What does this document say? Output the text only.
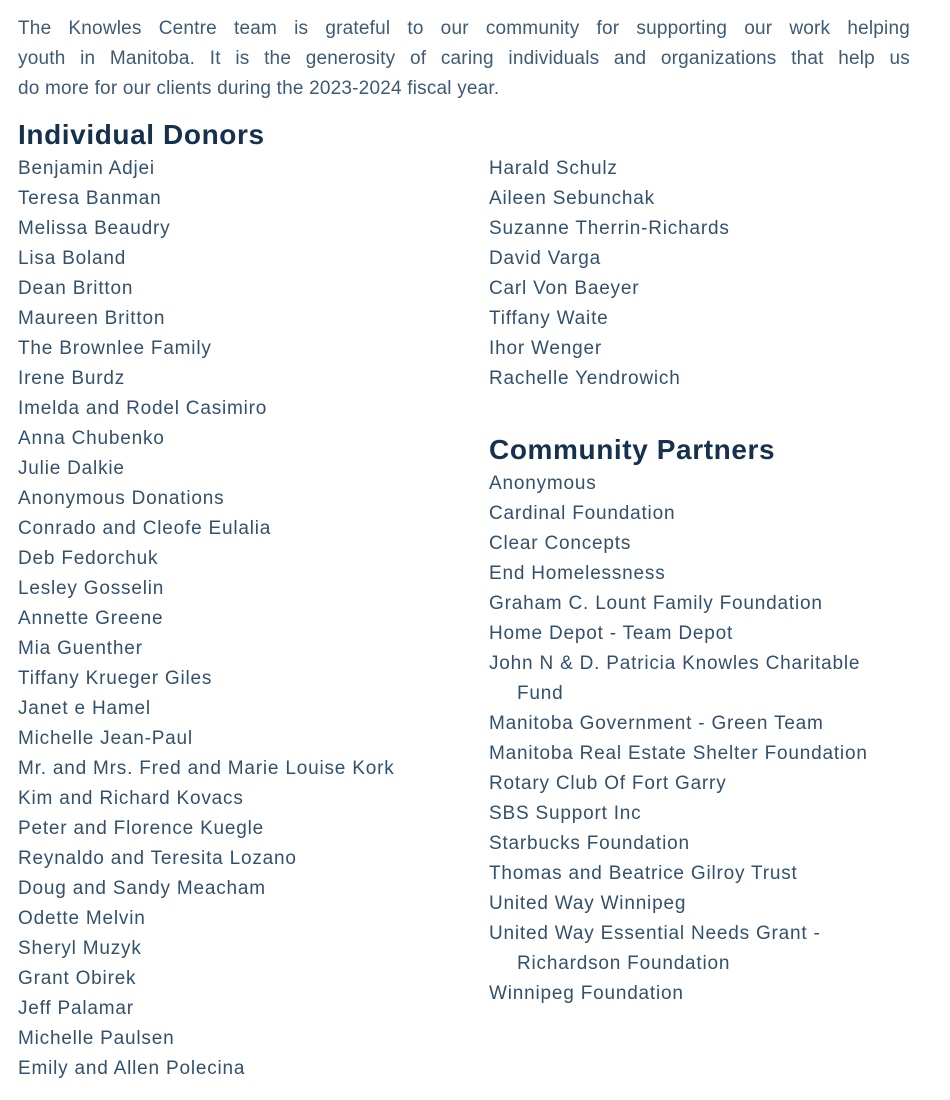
The Knowles Centre team is grateful to our community for supporting our work helping
youth in Manitoba. It is the generosity of caring individuals and organizations that help us
do more for our clients during the 2023-2024 fiscal year.
Individual Donors
Benjamin Adjei
Teresa Banman
Melissa Beaudry
Lisa Boland
Dean Britton
Maureen Britton
The Brownlee Family
Irene Burdz
Imelda and Rodel Casimiro
Anna Chubenko
Julie Dalkie
Anonymous Donations
Conrado and Cleofe Eulalia
Deb Fedorchuk
Lesley Gosselin
Annette Greene
Mia Guenther
Tiffany Krueger Giles
Janet e Hamel
Michelle Jean-Paul
Mr. and Mrs. Fred and Marie Louise Kork
Kim and Richard Kovacs
Peter and Florence Kuegle
Reynaldo and Teresita Lozano
Doug and Sandy Meacham
Odette Melvin
Sheryl Muzyk
Grant Obirek
Jeff Palamar
Michelle Paulsen
Emily and Allen Polecina
Harald Schulz
Aileen Sebunchak
Suzanne Therrin-Richards
David Varga
Carl Von Baeyer
Tiffany Waite
Ihor Wenger
Rachelle Yendrowich
Community Partners
Anonymous
Cardinal Foundation
Clear Concepts
End Homelessness
Graham C. Lount Family Foundation
Home Depot - Team Depot
John N & D. Patricia Knowles Charitable
Fund
Manitoba Government - Green Team
Manitoba Real Estate Shelter Foundation
Rotary Club Of Fort Garry
SBS Support Inc
Starbucks Foundation
Thomas and Beatrice Gilroy Trust
United Way Winnipeg
United Way Essential Needs Grant -
Richardson Foundation
Winnipeg Foundation
